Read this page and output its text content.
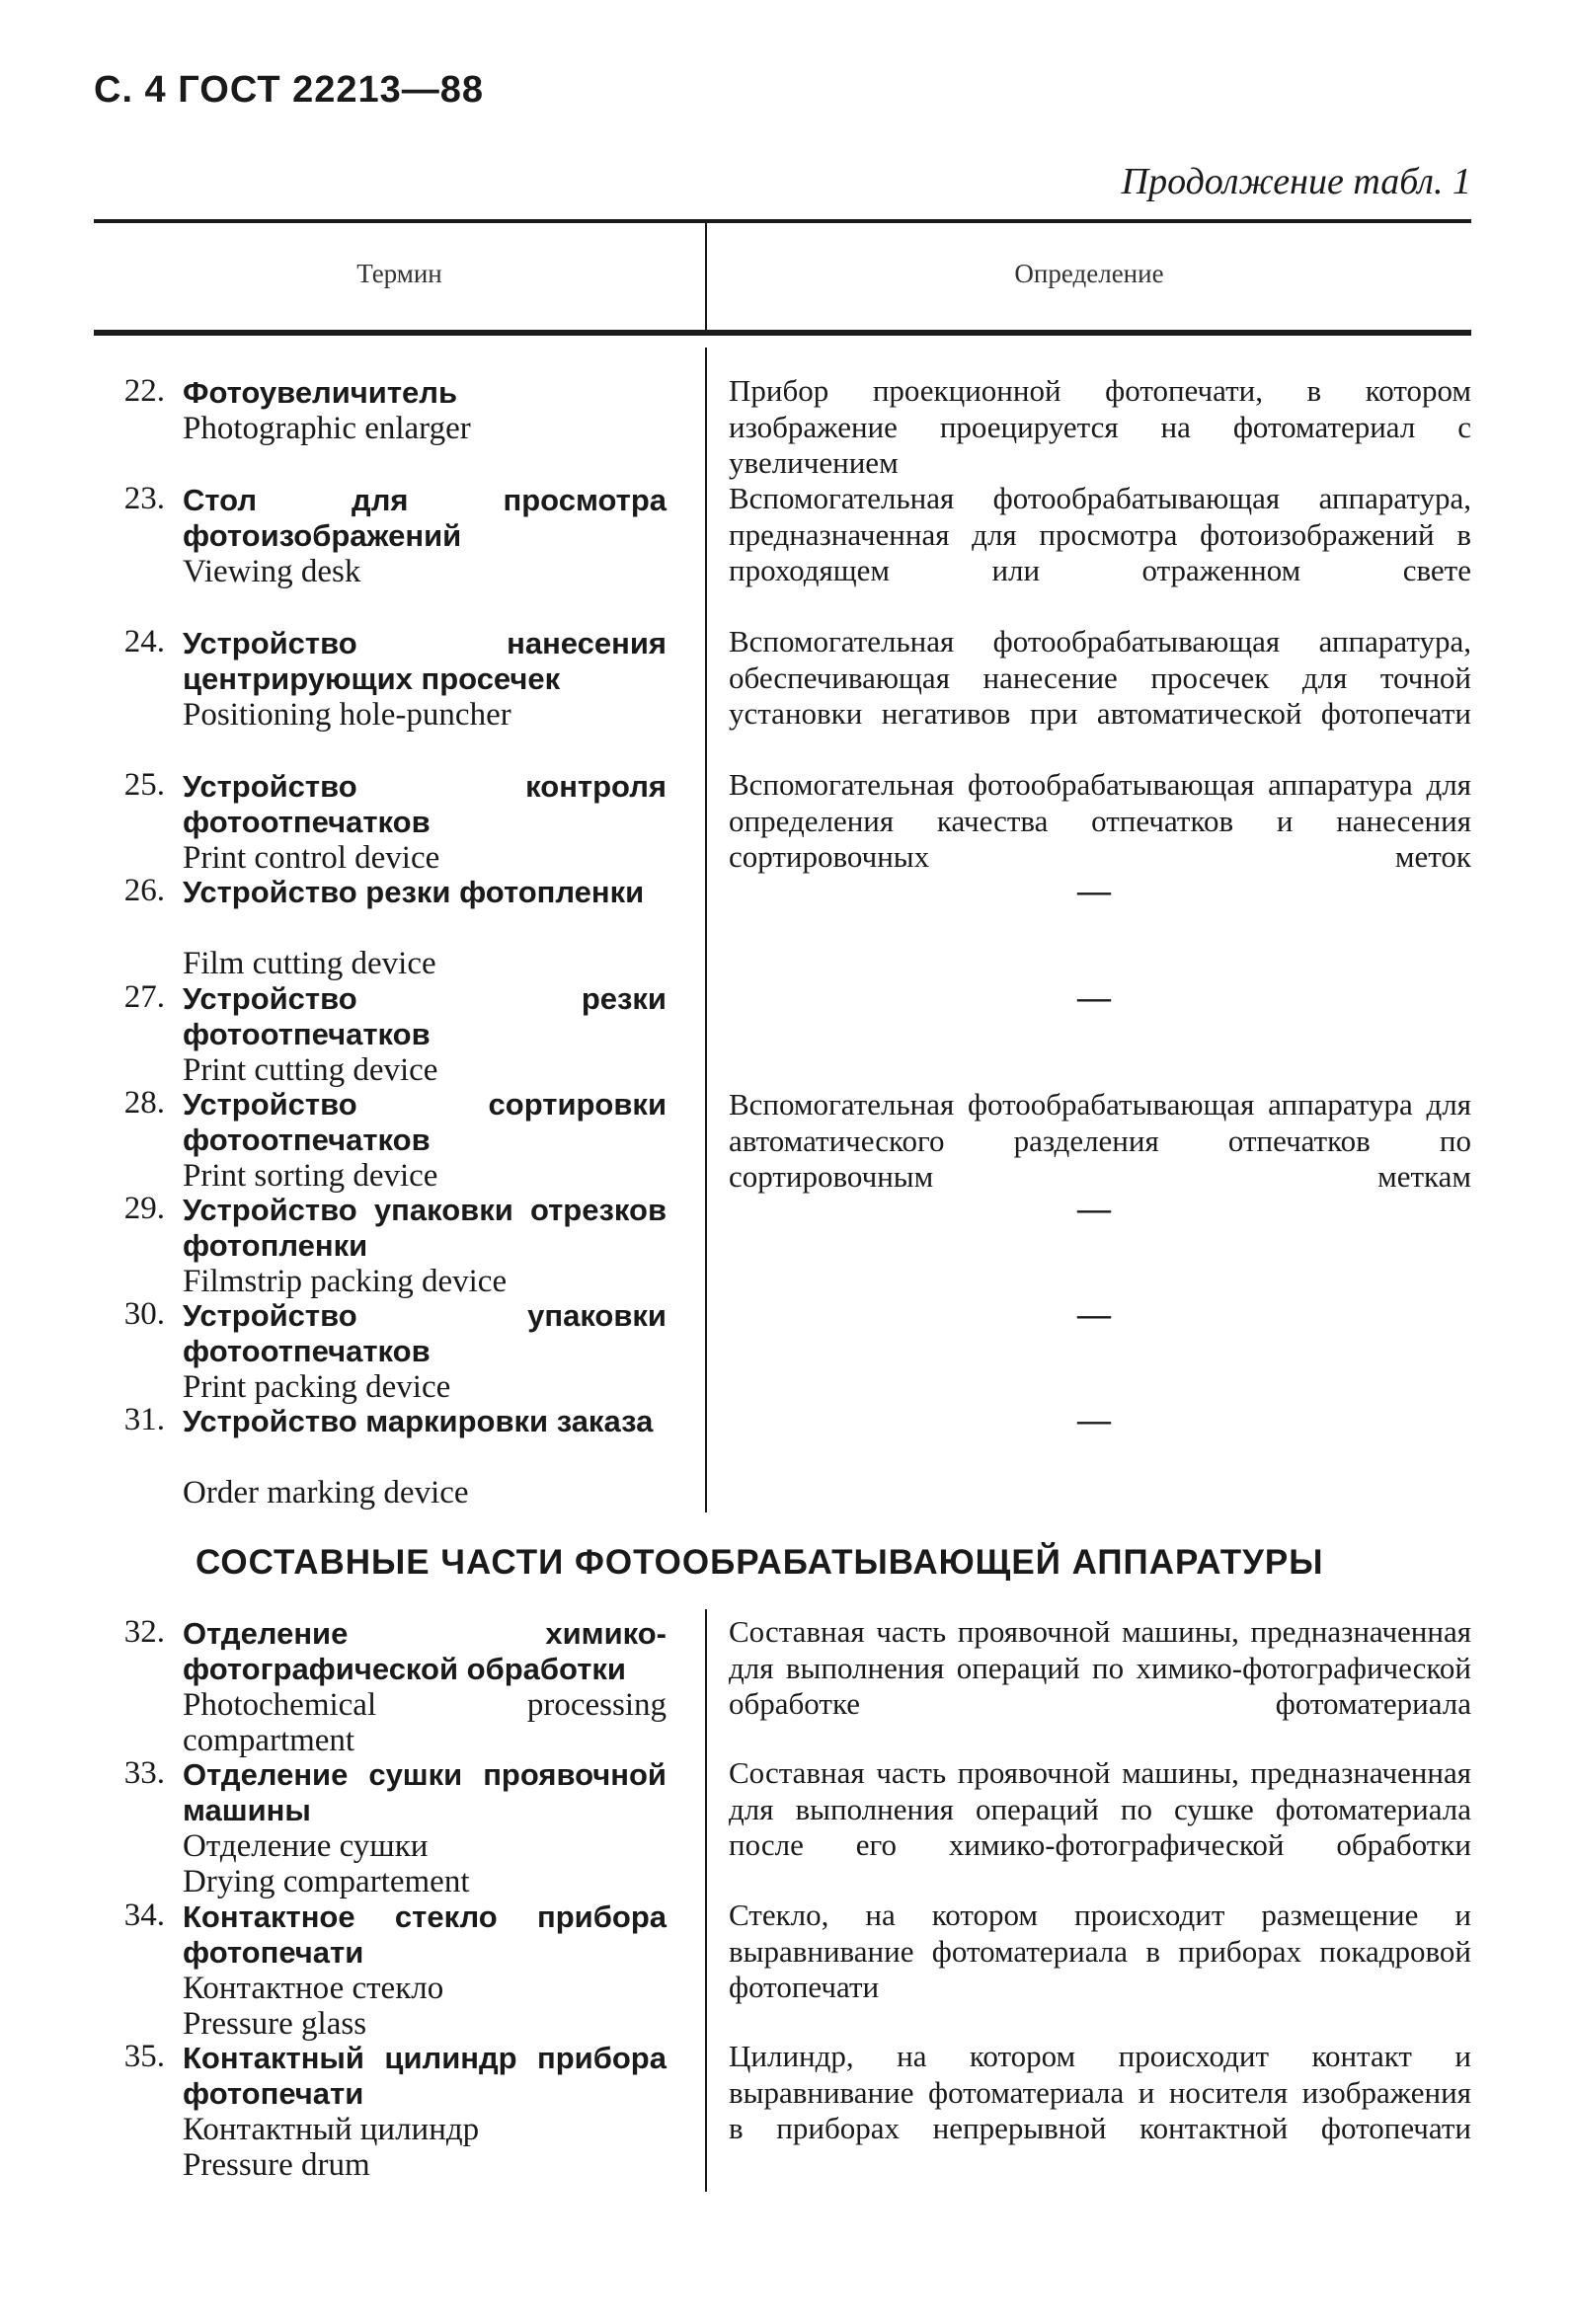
С. 4 ГОСТ 22213—88
Продолжение табл. 1
Термин	Определение
22. Фотоувеличитель
Photographic enlarger
Прибор проекционной фотопечати, в котором изображение проецируется на фотоматериал с увеличением
23. Стол для просмотра фотоизображений
Viewing desk
Вспомогательная фотообрабатывающая аппаратура, предназначенная для просмотра фотоизображений в проходящем или отраженном свете
24. Устройство нанесения центрирующих просечек
Positioning hole-puncher
Вспомогательная фотообрабатывающая аппаратура, обеспечивающая нанесение просечек для точной установки негативов при автоматической фотопечати
25. Устройство контроля фотоотпечатков
Print control device
Вспомогательная фотообрабатывающая аппаратура для определения качества отпечатков и нанесения сортировочных меток
26. Устройство резки фотопленки
Film cutting device
—
27. Устройство резки фотоотпечатков
Print cutting device
—
28. Устройство сортировки фотоотпечатков
Print sorting device
Вспомогательная фотообрабатывающая аппаратура для автоматического разделения отпечатков по сортировочным меткам
29. Устройство упаковки отрезков фотопленки
Filmstrip packing device
—
30. Устройство упаковки фотоотпечатков
Print packing device
—
31. Устройство маркировки заказа
Order marking device
—
СОСТАВНЫЕ ЧАСТИ ФОТООБРАБАТЫВАЮЩЕЙ АППАРАТУРЫ
32. Отделение химико-фотографической обработки
Photochemical processing compartment
Составная часть проявочной машины, предназначенная для выполнения операций по химико-фотографической обработке фотоматериала
33. Отделение сушки проявочной машины
Отделение сушки
Drying compartement
Составная часть проявочной машины, предназначенная для выполнения операций по сушке фотоматериала после его химико-фотографической обработки
34. Контактное стекло прибора фотопечати
Контактное стекло
Pressure glass
Стекло, на котором происходит размещение и выравнивание фотоматериала в приборах покадровой фотопечати
35. Контактный цилиндр прибора фотопечати
Контактный цилиндр
Pressure drum
Цилиндр, на котором происходит контакт и выравнивание фотоматериала и носителя изображения в приборах непрерывной контактной фотопечати
